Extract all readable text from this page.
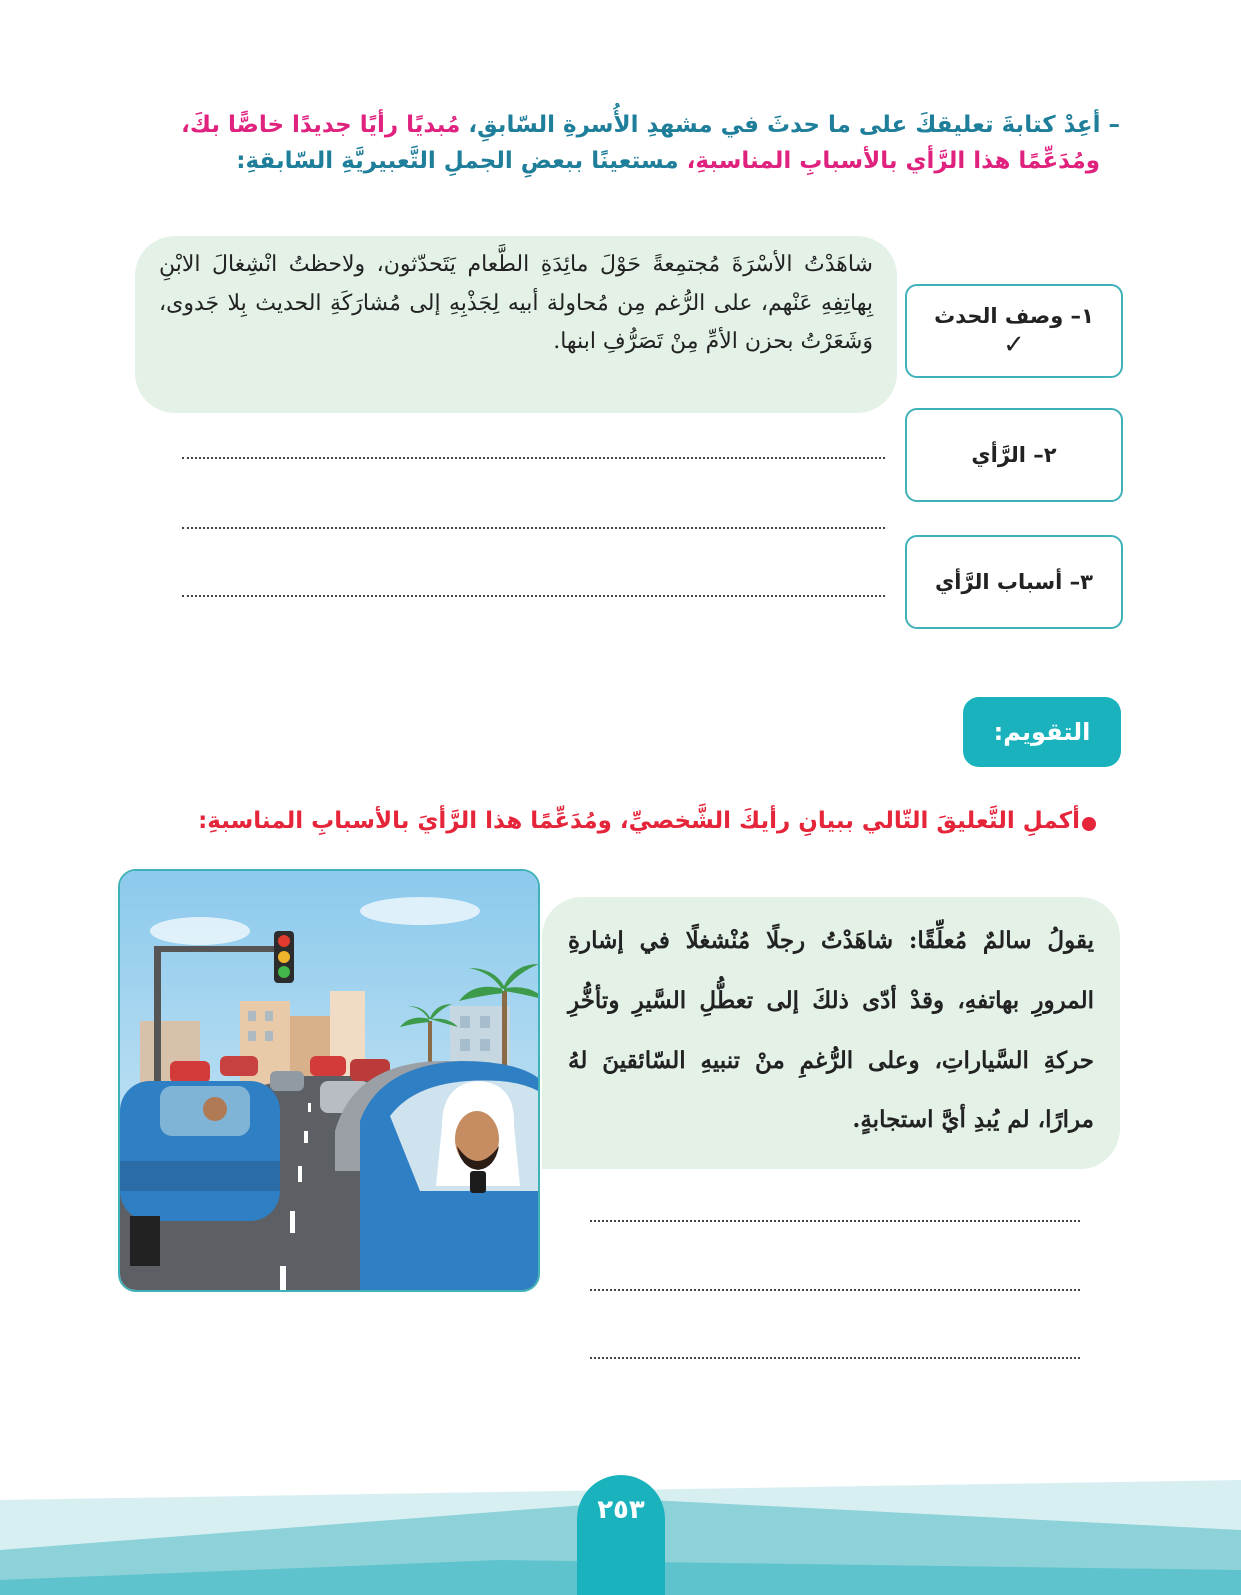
– أعِدْ كتابةَ تعليقكَ على ما حدثَ في مشهدِ الأُسرةِ السّابقِ، مُبديًا رأيًا جديدًا خاصًّا بكَ،
ومُدَعِّمًا هذا الرَّأي بالأسبابِ المناسبةِ، مستعينًا ببعضِ الجملِ التَّعبيريَّةِ السّابقةِ:
١– وصف الحدث
✓
٢– الرَّأي
٣– أسباب الرَّأي
شاهَدْتُ الأسْرَةَ مُجتمِعةً حَوْلَ مائِدَةِ الطَّعام يَتَحدّثون، ولاحظتُ انْشِغالَ الابْنِ بِهاتِفِهِ عَنْهم، على الرُّغم مِن مُحاولة أبيه لِجَذْبِهِ إلى مُشارَكَةِ الحديث بِلا جَدوى، وَشَعَرْتُ بحزن الأمِّ مِنْ تَصَرُّفِ ابنها.
التقويم:
أكملِ التَّعليقَ التّالي ببيانِ رأيكَ الشَّخصيِّ، ومُدَعِّمًا هذا الرَّأيَ بالأسبابِ المناسبةِ:
يقولُ سالمٌ مُعلِّقًا: شاهَدْتُ رجلًا مُنْشغلًا في إشارةِ المرورِ بهاتفهِ، وقدْ أدّى ذلكَ إلى تعطُّلِ السَّيرِ وتأخُّرِ حركةِ السَّياراتِ، وعلى الرُّغمِ منْ تنبيهِ السّائقينَ لهُ مرارًا، لم يُبدِ أيَّ استجابةٍ.
٢٥٣
